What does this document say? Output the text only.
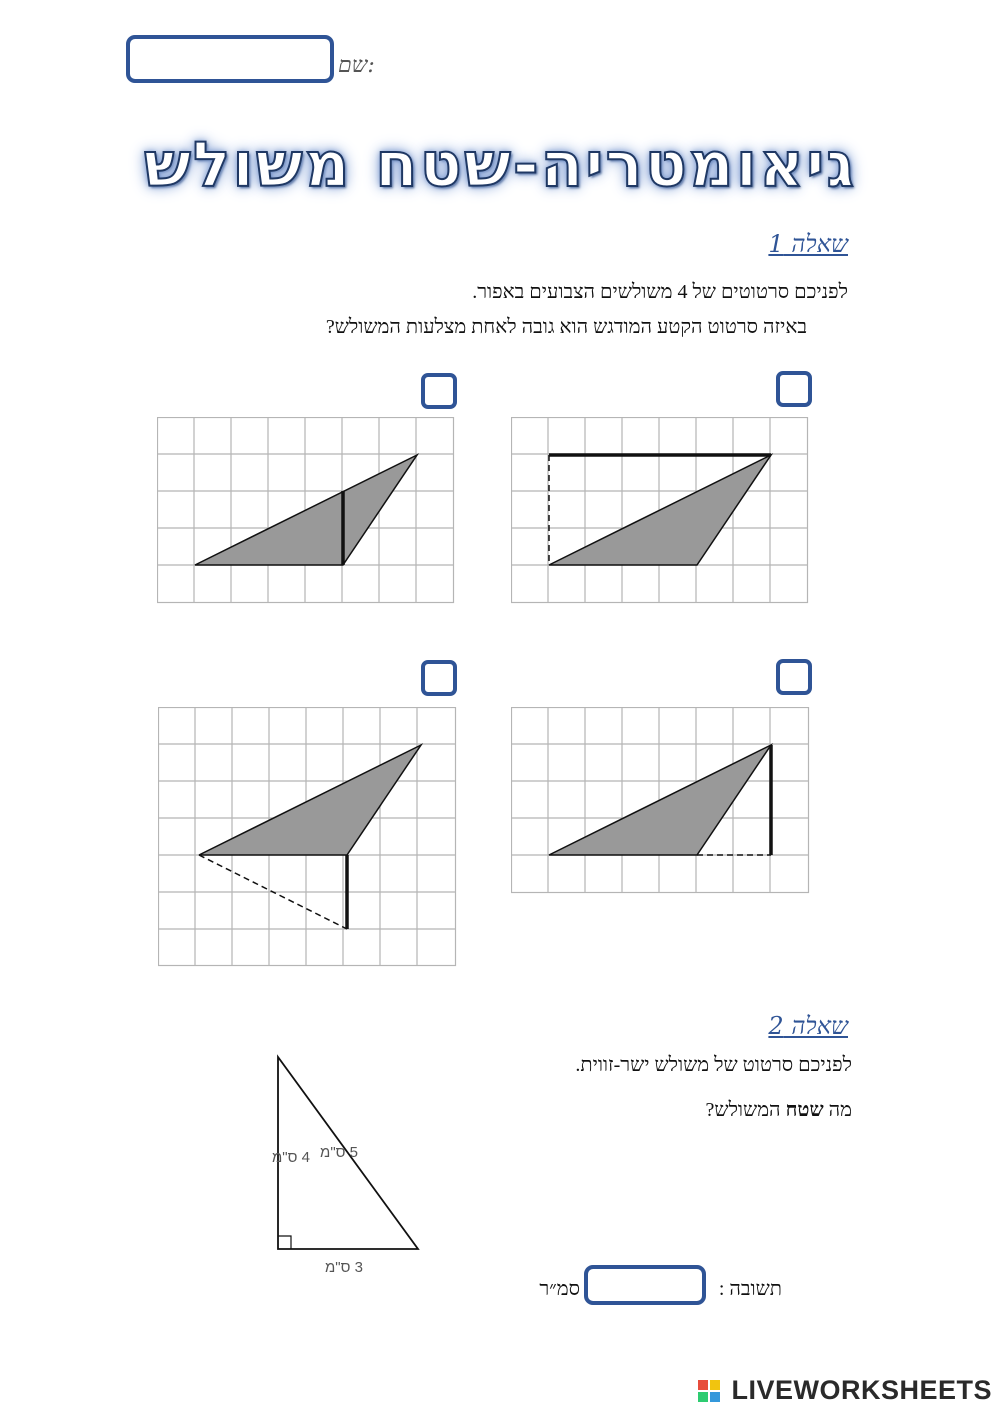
שם:
גיאומטריה-שטח משולש
שאלה 1
לפניכם סרטוטים של 4 משולשים הצבועים באפור.
באיזה סרטוט הקטע המודגש הוא גובה לאחת מצלעות המשולש?
שאלה 2
לפניכם סרטוט של משולש ישר-זווית.
מה שטח המשולש?
4 ס"מ 5 ס"מ
3 ס"מ
תשובה :
סמ״ר
LIVEWORKSHEETS
